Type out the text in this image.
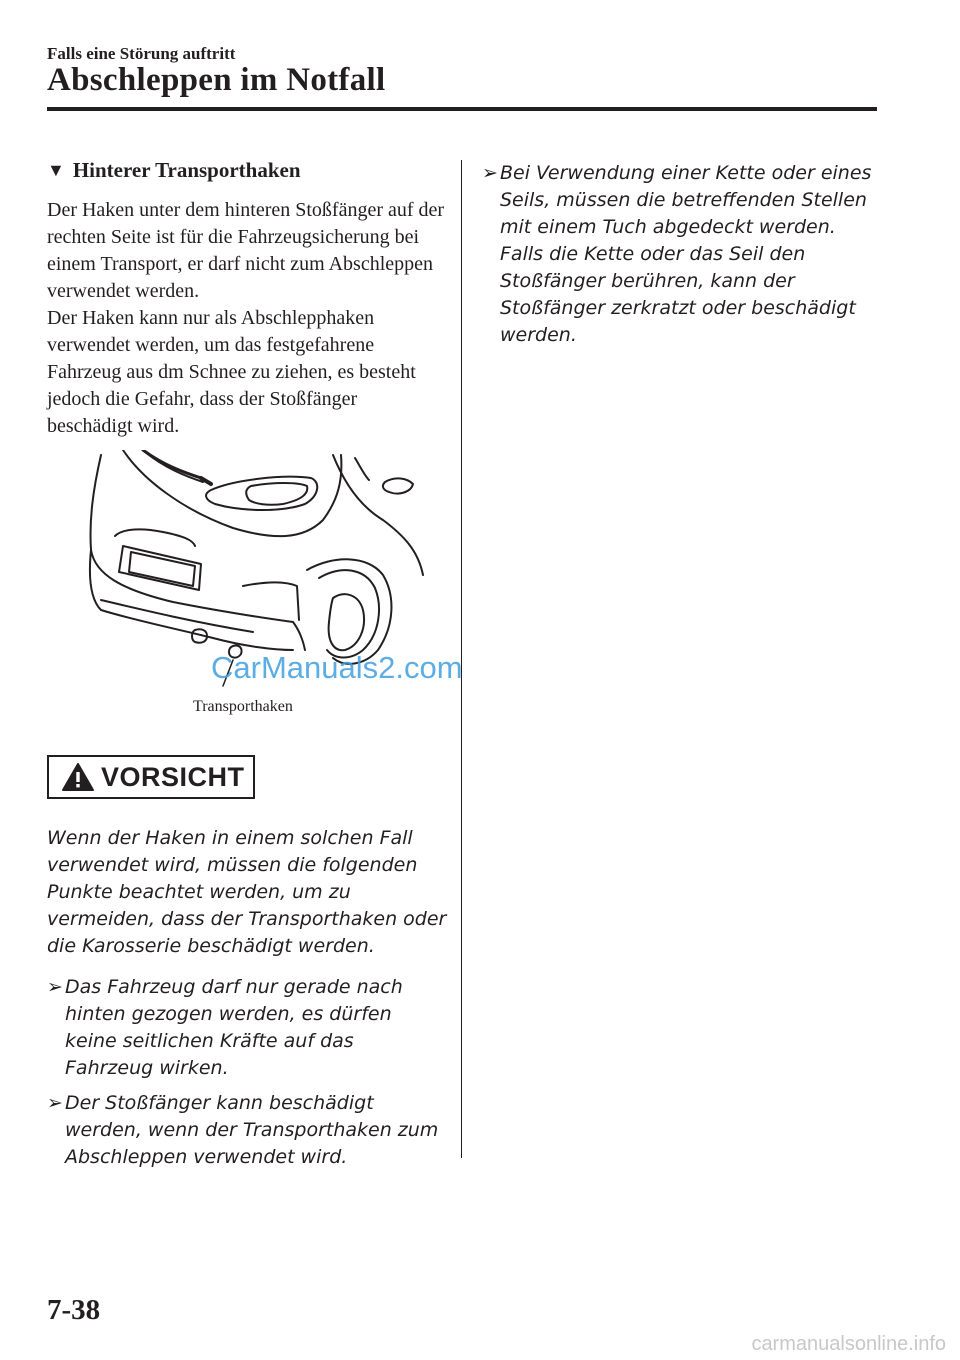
Falls eine Störung auftritt
Abschleppen im Notfall
▼ Hinterer Transporthaken

Der Haken unter dem hinteren Stoßfänger auf der rechten Seite ist für die Fahrzeugsicherung bei einem Transport, er darf nicht zum Abschleppen verwendet werden.

Der Haken kann nur als Abschlepphaken verwendet werden, um das festgefahrene Fahrzeug aus dm Schnee zu ziehen, es besteht jedoch die Gefahr, dass der Stoßfänger beschädigt wird.

CarManuals2.com
Transporthaken
VORSICHT
Wenn der Haken in einem solchen Fall verwendet wird, müssen die folgenden Punkte beachtet werden, um zu vermeiden, dass der Transporthaken oder die Karosserie beschädigt werden.
➢ Das Fahrzeug darf nur gerade nach hinten gezogen werden, es dürfen keine seitlichen Kräfte auf das Fahrzeug wirken.
➢ Der Stoßfänger kann beschädigt werden, wenn der Transporthaken zum Abschleppen verwendet wird.
➢ Bei Verwendung einer Kette oder eines Seils, müssen die betreffenden Stellen mit einem Tuch abgedeckt werden. Falls die Kette oder das Seil den Stoßfänger berühren, kann der Stoßfänger zerkratzt oder beschädigt werden.
7-38
carmanualsonline.info
